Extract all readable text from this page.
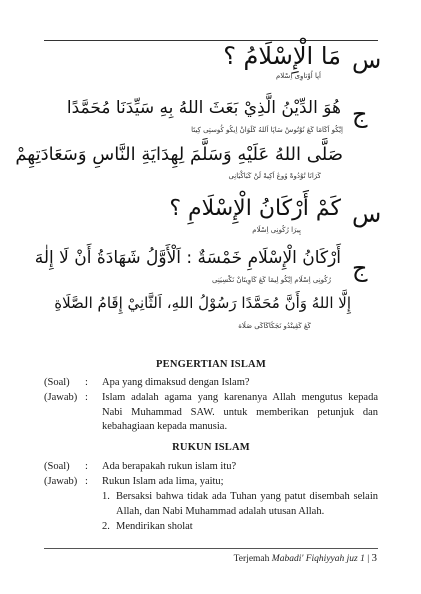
س
مَا الْإِسْلَامُ ؟
اَپا اُوْتاوِى اِسْلام
ج
هُوَ الدِّيْنُ الَّذِيْ بَعَثَ اللهُ بِهِ سَيِّدَنَا مُحَمَّدًا
اِيْكُو اَكَامَا كَڠ نُوْتُوسْ سَاپَا اَللهُ كَلَوَانْ اِيكُو ڬُوستِى كِيتَا
صَلَّى اللهُ عَلَيْهِ وَسَلَّمَ لِهِدَايَةِ النَّاسِ وَسَعَادَتِهِمْ
كَرَانَا تُوْدُوهْ وُوڠ اَكِيهْ لَنْ كَبَاڬْيَانِى
س
كَمْ أَرْكَانُ الْإِسْلَامِ ؟
پِيرَا رُكُونِى اِسْلَام
ج
أَرْكَانُ الْإِسْلَامِ خَمْسَةٌ : اَلْأَوَّلُ شَهَادَةُ أَنْ لَا إِلٰهَ
رُكُونِى اِسْلَام اِيْكُو لِيمَا كَڠ كَاوِيتَانْ نَكْسِيَنِى
إِلَّا اللهُ وَأَنَّ مُحَمَّدًا رَسُوْلُ اللهِ، اَلثَّانِيْ إِقَامُ الصَّلَاةِ
كَڠ كَڤِينْدُو نَجَڬَاكَاكَى صَلَاة
PENGERTIAN ISLAM
(Soal) : Apa yang dimaksud dengan Islam?
(Jawab) : Islam adalah agama yang karenanya Allah mengutus kepada Nabi Muhammad SAW. untuk memberikan petunjuk dan kebahagiaan kepada manusia.
RUKUN ISLAM
(Soal) : Ada berapakah rukun islam itu?
(Jawab) : Rukun Islam ada lima, yaitu;
1. Bersaksi bahwa tidak ada Tuhan yang patut disembah selain Allah, dan Nabi Muhammad adalah utusan Allah.
2. Mendirikan sholat
Terjemah Mabadi' Fiqhiyyah juz 1 | 3
